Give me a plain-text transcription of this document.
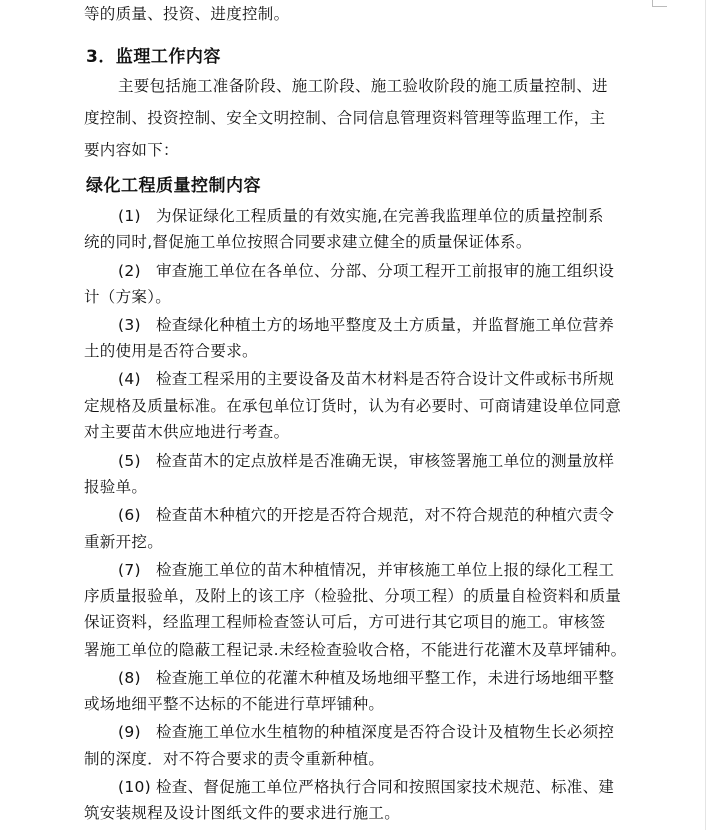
等的质量、投资、进度控制。
3．监理工作内容
主要包括施工准备阶段、施工阶段、施工验收阶段的施工质量控制、进
度控制、投资控制、安全文明控制、合同信息管理资料管理等监理工作，主
要内容如下：
绿化工程质量控制内容
(1) 为保证绿化工程质量的有效实施,在完善我监理单位的质量控制系
统的同时,督促施工单位按照合同要求建立健全的质量保证体系。
(2) 审查施工单位在各单位、分部、分项工程开工前报审的施工组织设
计（方案）。
(3) 检查绿化种植土方的场地平整度及土方质量，并监督施工单位营养
土的使用是否符合要求。
(4) 检查工程采用的主要设备及苗木材料是否符合设计文件或标书所规
定规格及质量标准。在承包单位订货时，认为有必要时、可商请建设单位同意
对主要苗木供应地进行考查。
(5) 检查苗木的定点放样是否准确无误，审核签署施工单位的测量放样
报验单。
(6) 检查苗木种植穴的开挖是否符合规范，对不符合规范的种植穴责令
重新开挖。
(7) 检查施工单位的苗木种植情况，并审核施工单位上报的绿化工程工
序质量报验单，及附上的该工序（检验批、分项工程）的质量自检资料和质量
保证资料，经监理工程师检查签认可后，方可进行其它项目的施工。审核签
署施工单位的隐蔽工程记录.未经检查验收合格，不能进行花灌木及草坪铺种。
(8) 检查施工单位的花灌木种植及场地细平整工作，未进行场地细平整
或场地细平整不达标的不能进行草坪铺种。
(9) 检查施工单位水生植物的种植深度是否符合设计及植物生长必须控
制的深度．对不符合要求的责令重新种植。
(10) 检查、督促施工单位严格执行合同和按照国家技术规范、标准、建
筑安装规程及设计图纸文件的要求进行施工。
